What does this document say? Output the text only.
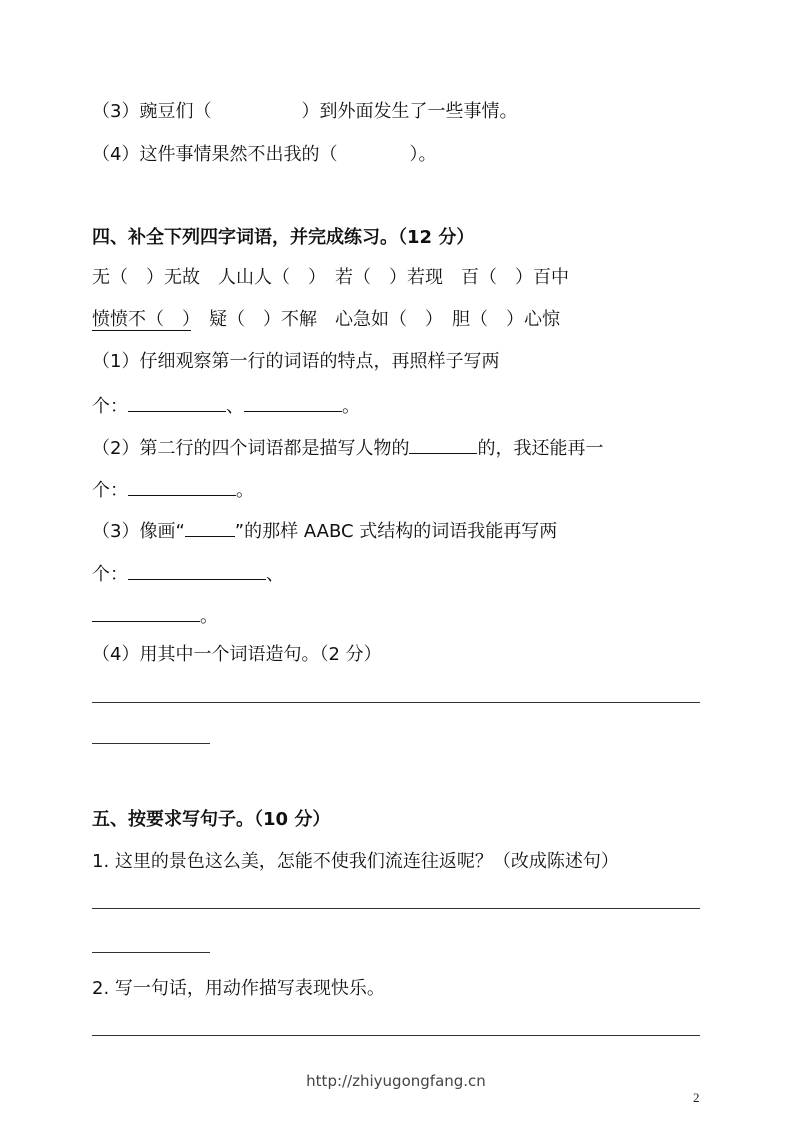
（3）豌豆们（　　　　　）到外面发生了一些事情。
（4）这件事情果然不出我的（　　　　）。
四、补全下列四字词语，并完成练习。（12 分）
无（　）无故　人山人（　）　若（　）若现　百（　）百中
愤愤不（　）　疑（　）不解　心急如（　）　胆（　）心惊
（1）仔细观察第一行的词语的特点，再照样子写两
个：	、	。
（2）第二行的四个词语都是描写人物的	的，我还能再一
个：	。
（3）像画“	”的那样 AABC 式结构的词语我能再写两
个：	、
。
（4）用其中一个词语造句。（2 分）
五、按要求写句子。（10 分）
1. 这里的景色这么美，怎能不使我们流连往返呢？（改成陈述句）
2. 写一句话，用动作描写表现快乐。
http://zhiyugongfang.cn
2
